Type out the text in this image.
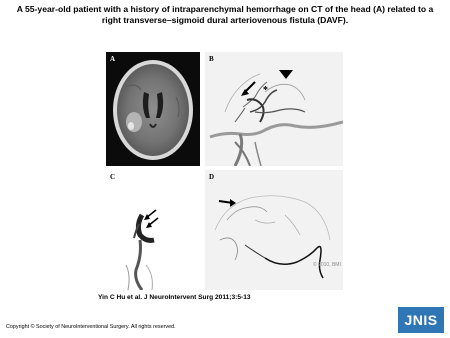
A 55-year-old patient with a history of intraparenchymal hemorrhage on CT of the head (A) related to a right transverse–sigmoid dural arteriovenous fistula (DAVF).
A	B
*
C	D
© 2010, BMI
Yin C Hu et al. J NeuroIntervent Surg 2011;3:5-13
Copyright © Society of NeuroInterventional Surgery. All rights reserved.	JNIS
